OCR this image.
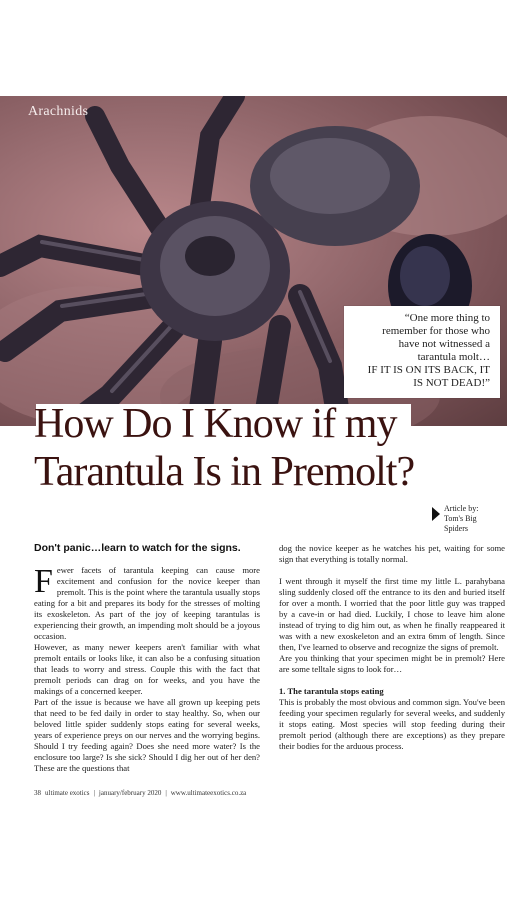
Arachnids
“One more thing to
remember for those who
have not witnessed a
tarantula molt…
IF IT IS ON ITS BACK, IT
IS NOT DEAD!”
How Do I Know if my
Tarantula Is in Premolt?
Article by:
Tom's Big
Spiders

Don't panic…learn to watch for the signs.

Fewer facets of tarantula keeping can cause more excitement and confusion for the novice keeper than premolt. This is the point where the tarantula usually stops eating for a bit and prepares its body for the stresses of molting its exoskeleton. As part of the joy of keeping tarantulas is experiencing their growth, an impending molt should be a joyous occasion.

However, as many newer keepers aren't familiar with what premolt entails or looks like, it can also be a confusing situation that leads to worry and stress. Couple this with the fact that premolt periods can drag on for weeks, and you have the makings of a concerned keeper.

Part of the issue is because we have all grown up keeping pets that need to be fed daily in order to stay healthy. So, when our beloved little spider suddenly stops eating for several weeks, years of experience preys on our nerves and the worrying begins. Should I try feeding again? Does she need more water? Is the enclosure too large? Is she sick? Should I dig her out of her den? These are the questions that

dog the novice keeper as he watches his pet, waiting for some sign that everything is totally normal.

I went through it myself the first time my little L. parahybana sling suddenly closed off the entrance to its den and buried itself for over a month. I worried that the poor little guy was trapped by a cave-in or had died. Luckily, I chose to leave him alone instead of trying to dig him out, as when he finally reappeared it was with a new exoskeleton and an extra 6mm of length. Since then, I've learned to observe and recognize the signs of premolt.

Are you thinking that your specimen might be in premolt? Here are some telltale signs to look for…

1. The tarantula stops eating

This is probably the most obvious and common sign. You've been feeding your specimen regularly for several weeks, and suddenly it stops eating. Most species will stop feeding during their premolt period (although there are exceptions) as they prepare their bodies for the arduous process.

38 ultimate exotics | january/february 2020 | www.ultimateexotics.co.za
